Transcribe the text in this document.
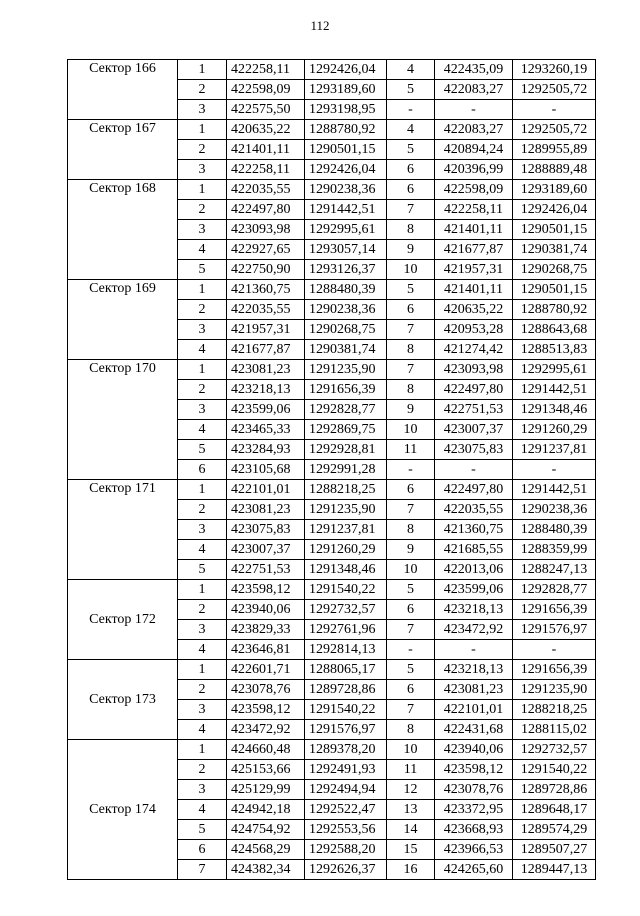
112
Сектор 166	1	422258,11	1292426,04	4	422435,09	1293260,19
	2	422598,09	1293189,60	5	422083,27	1292505,72
	3	422575,50	1293198,95	-	-	-
Сектор 167	1	420635,22	1288780,92	4	422083,27	1292505,72
	2	421401,11	1290501,15	5	420894,24	1289955,89
	3	422258,11	1292426,04	6	420396,99	1288889,48
Сектор 168	1	422035,55	1290238,36	6	422598,09	1293189,60
	2	422497,80	1291442,51	7	422258,11	1292426,04
	3	423093,98	1292995,61	8	421401,11	1290501,15
	4	422927,65	1293057,14	9	421677,87	1290381,74
	5	422750,90	1293126,37	10	421957,31	1290268,75
Сектор 169	1	421360,75	1288480,39	5	421401,11	1290501,15
	2	422035,55	1290238,36	6	420635,22	1288780,92
	3	421957,31	1290268,75	7	420953,28	1288643,68
	4	421677,87	1290381,74	8	421274,42	1288513,83
Сектор 170	1	423081,23	1291235,90	7	423093,98	1292995,61
	2	423218,13	1291656,39	8	422497,80	1291442,51
	3	423599,06	1292828,77	9	422751,53	1291348,46
	4	423465,33	1292869,75	10	423007,37	1291260,29
	5	423284,93	1292928,81	11	423075,83	1291237,81
	6	423105,68	1292991,28	-	-	-
Сектор 171	1	422101,01	1288218,25	6	422497,80	1291442,51
	2	423081,23	1291235,90	7	422035,55	1290238,36
	3	423075,83	1291237,81	8	421360,75	1288480,39
	4	423007,37	1291260,29	9	421685,55	1288359,99
	5	422751,53	1291348,46	10	422013,06	1288247,13
Сектор 172	1	423598,12	1291540,22	5	423599,06	1292828,77
	2	423940,06	1292732,57	6	423218,13	1291656,39
	3	423829,33	1292761,96	7	423472,92	1291576,97
	4	423646,81	1292814,13	-	-	-
Сектор 173	1	422601,71	1288065,17	5	423218,13	1291656,39
	2	423078,76	1289728,86	6	423081,23	1291235,90
	3	423598,12	1291540,22	7	422101,01	1288218,25
	4	423472,92	1291576,97	8	422431,68	1288115,02
Сектор 174	1	424660,48	1289378,20	10	423940,06	1292732,57
	2	425153,66	1292491,93	11	423598,12	1291540,22
	3	425129,99	1292494,94	12	423078,76	1289728,86
	4	424942,18	1292522,47	13	423372,95	1289648,17
	5	424754,92	1292553,56	14	423668,93	1289574,29
	6	424568,29	1292588,20	15	423966,53	1289507,27
	7	424382,34	1292626,37	16	424265,60	1289447,13
